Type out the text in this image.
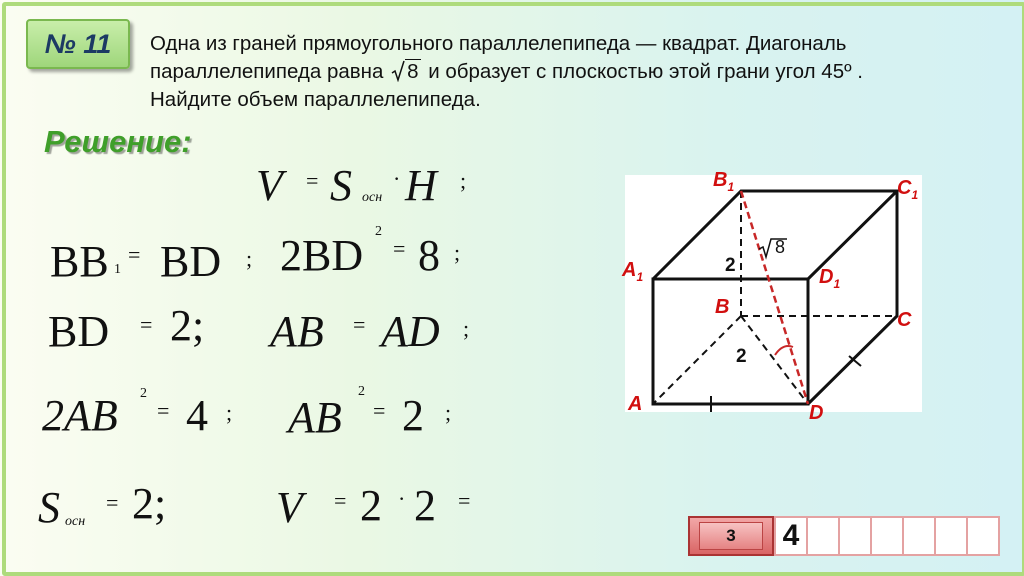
№ 11	Одна из граней прямоугольного параллелепипеда — квадрат. Диагональ параллелепипеда равна 8 и образует с плоскостью этой грани угол 45º .
Найдите объем параллелепипеда.
Решение:
V = S осн
· H ;
BB 1
= BD ; 2BD 2
= 8 ;
BD = 2; AB = AD ;
2AB 2
= 4 ; AB
2
= 2 ;
S осн
= 2; V = 2 · 2 =
8
2
2
$B_1$	$C_1$
$A_1$	$D_1$
B
C
A	D
3	4
